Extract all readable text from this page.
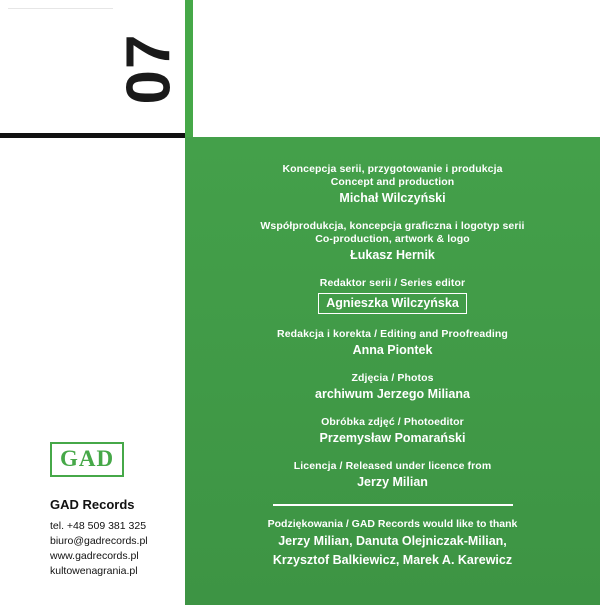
07
Koncepcja serii, przygotowanie i produkcja
Concept and production
Michał Wilczyński
Współprodukcja, koncepcja graficzna i logotyp serii
Co-production, artwork & logo
Łukasz Hernik
Redaktor serii / Series editor
Agnieszka Wilczyńska
Redakcja i korekta / Editing and Proofreading
Anna Piontek
Zdjęcia / Photos
archiwum Jerzego Miliana
Obróbka zdjęć / Photoeditor
Przemysław Pomarański
Licencja / Released under licence from
Jerzy Milian
Podziękowania / GAD Records would like to thank
Jerzy Milian, Danuta Olejniczak-Milian,
Krzysztof Balkiewicz, Marek A. Karewicz
GAD
GAD Records
tel. +48 509 381 325
biuro@gadrecords.pl
www.gadrecords.pl
kultowenagrania.pl
